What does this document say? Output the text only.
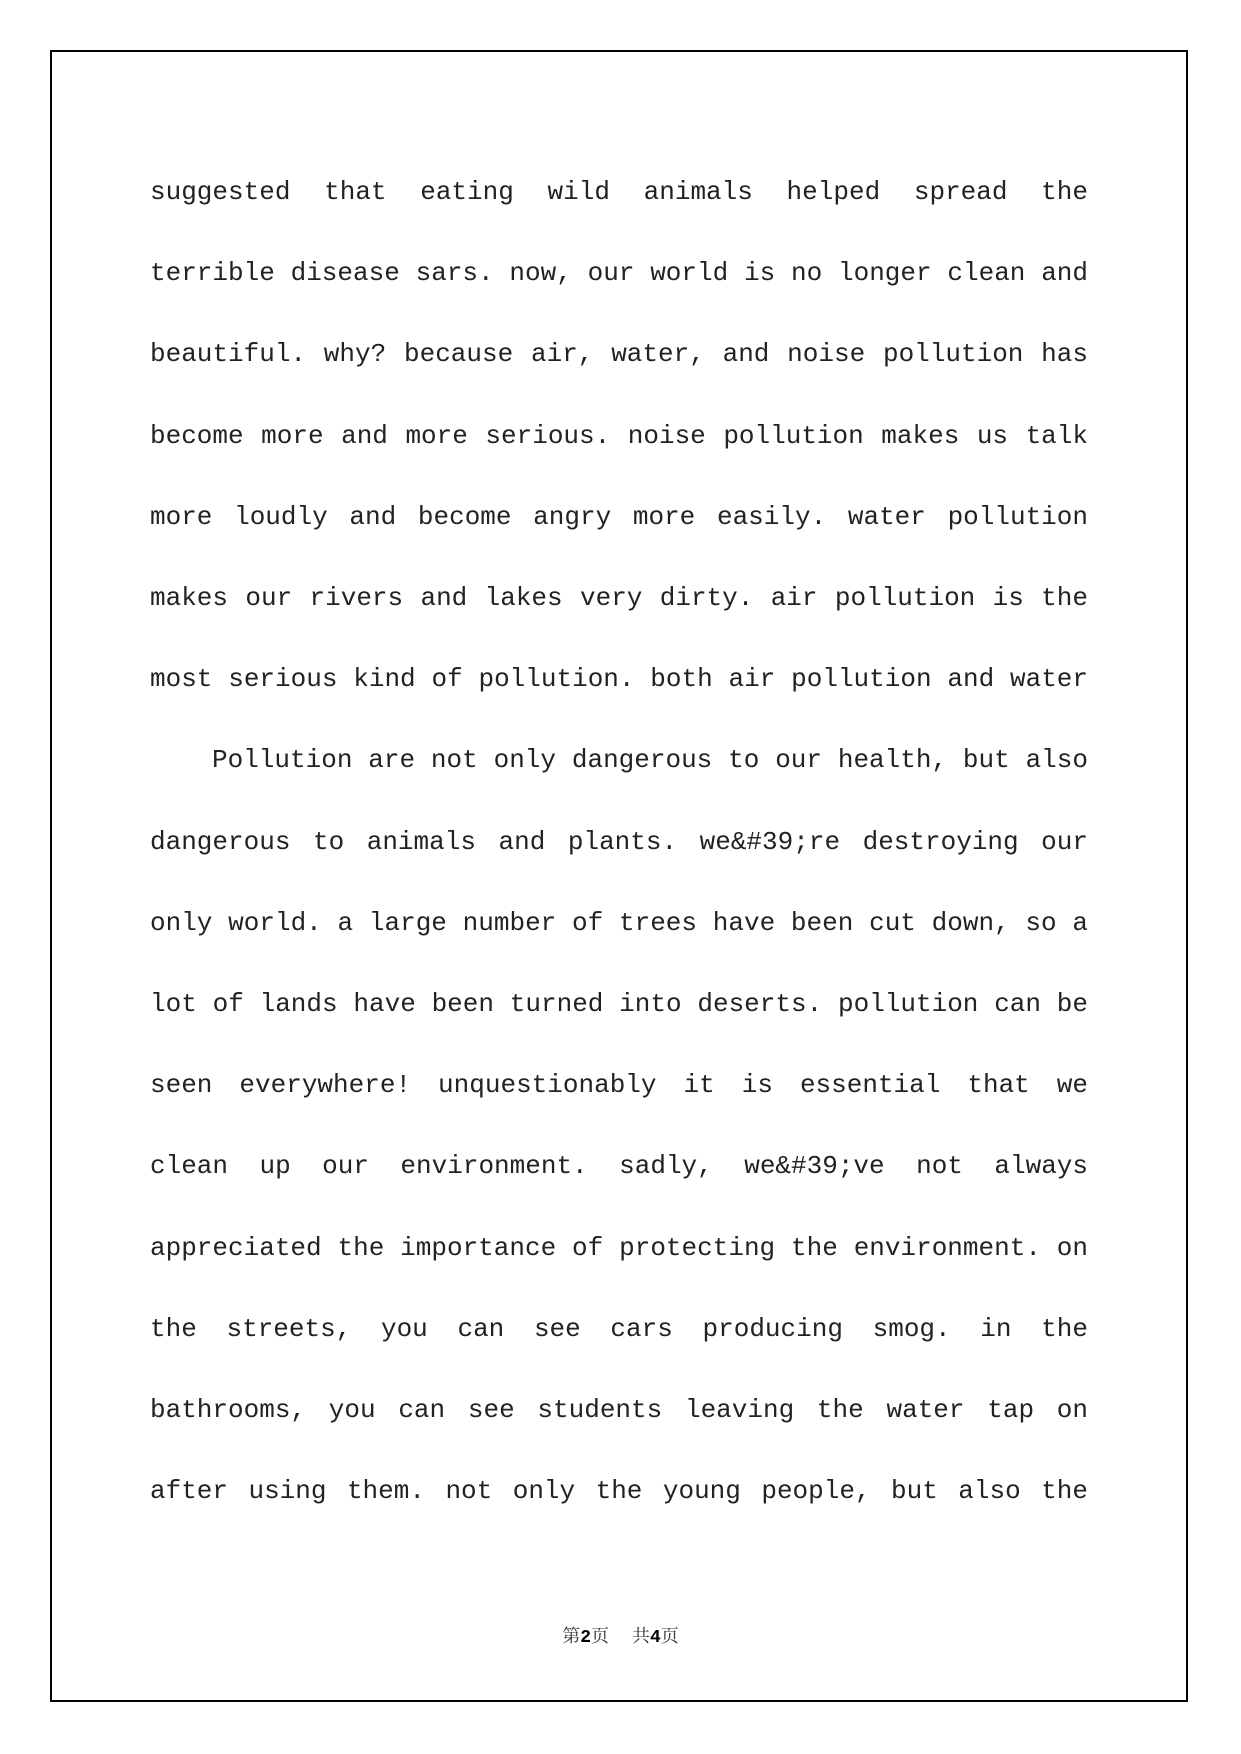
suggested that eating wild animals helped spread the
terrible disease sars. now, our world is no longer clean and
beautiful. why? because air, water, and noise pollution has
become more and more serious. noise pollution makes us talk
more loudly and become angry more easily. water pollution
makes our rivers and lakes very dirty. air pollution is the
most serious kind of pollution. both air pollution and water
Pollution are not only dangerous to our health, but also
dangerous to animals and plants. we&#39;re destroying our
only world. a large number of trees have been cut down, so a
lot of lands have been turned into deserts. pollution can be
seen everywhere! unquestionably it is essential that we
clean up our environment. sadly, we&#39;ve not always
appreciated the importance of protecting the environment. on
the streets, you can see cars producing smog. in the
bathrooms, you can see students leaving the water tap on
after using them. not only the young people, but also the
第2页 共4页
